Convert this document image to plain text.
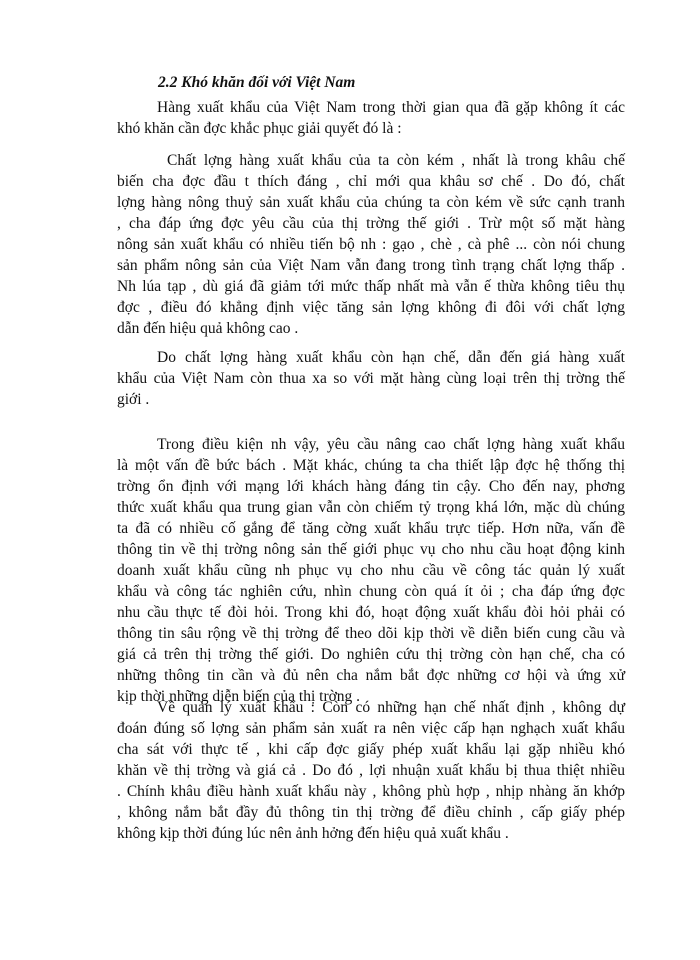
2.2 Khó khăn đối với Việt Nam
Hàng xuất khẩu của Việt Nam trong thời gian qua đã gặp không ít các
khó khăn cần đợc khắc phục giải quyết đó là :
Chất lợng hàng xuất khẩu của ta còn kém , nhất là trong khâu chế
biến cha đợc đầu t thích đáng , chỉ mới qua khâu sơ chế . Do đó, chất
lợng hàng nông thuỷ sản xuất khẩu của chúng ta còn kém về sức cạnh tranh
, cha đáp ứng đợc yêu cầu của thị trờng thế giới . Trừ một số mặt hàng
nông sản xuất khẩu có nhiều tiến bộ nh : gạo , chè , cà phê ... còn nói chung
sản phẩm nông sản của Việt Nam vẫn đang trong tình trạng chất lợng thấp .
Nh lúa tạp , dù giá đã giảm tới mức thấp nhất mà vẫn ế thừa không tiêu thụ
đợc , điều đó khẳng định việc tăng sản lợng không đi đôi với chất lợng
dẫn đến hiệu quả không cao .
Do chất lợng hàng xuất khẩu còn hạn chế, dẫn đến giá hàng xuất
khẩu của Việt Nam còn thua xa so với mặt hàng cùng loại trên thị trờng thế
giới .
Trong điều kiện nh vậy, yêu cầu nâng cao chất lợng hàng xuất khẩu
là một vấn đề bức bách . Mặt khác, chúng ta cha thiết lập đợc hệ thống thị
trờng ổn định với mạng lới khách hàng đáng tin cậy. Cho đến nay, phơng
thức xuất khẩu qua trung gian vẫn còn chiếm tỷ trọng khá lớn, mặc dù chúng
ta đã có nhiều cố gắng để tăng cờng xuất khẩu trực tiếp. Hơn nữa, vấn đề
thông tin về thị trờng nông sản thế giới phục vụ cho nhu cầu hoạt động kinh
doanh xuất khẩu cũng nh phục vụ cho nhu cầu về công tác quản lý xuất
khẩu và công tác nghiên cứu, nhìn chung còn quá ít ỏi ; cha đáp ứng đợc
nhu cầu thực tế đòi hỏi. Trong khi đó, hoạt động xuất khẩu đòi hỏi phải có
thông tin sâu rộng về thị trờng để theo dõi kịp thời về diễn biến cung cầu và
giá cả trên thị trờng thế giới. Do nghiên cứu thị trờng còn hạn chế, cha có
những thông tin cần và đủ nên cha nắm bắt đợc những cơ hội và ứng xử
kịp thời những diễn biến của thị trờng .
Về quản lý xuất khẩu : Còn có những hạn chế nhất định , không dự
đoán đúng số lợng sản phẩm sản xuất ra nên việc cấp hạn nghạch xuất khẩu
cha sát với thực tế , khi cấp đợc giấy phép xuất khẩu lại gặp nhiều khó
khăn về thị trờng và giá cả . Do đó , lợi nhuận xuất khẩu bị thua thiệt nhiều
. Chính khâu điều hành xuất khẩu này , không phù hợp , nhịp nhàng ăn khớp
, không nắm bắt đầy đủ thông tin thị trờng để điều chỉnh , cấp giấy phép
không kịp thời đúng lúc nên ảnh hởng đến hiệu quả xuất khẩu .
